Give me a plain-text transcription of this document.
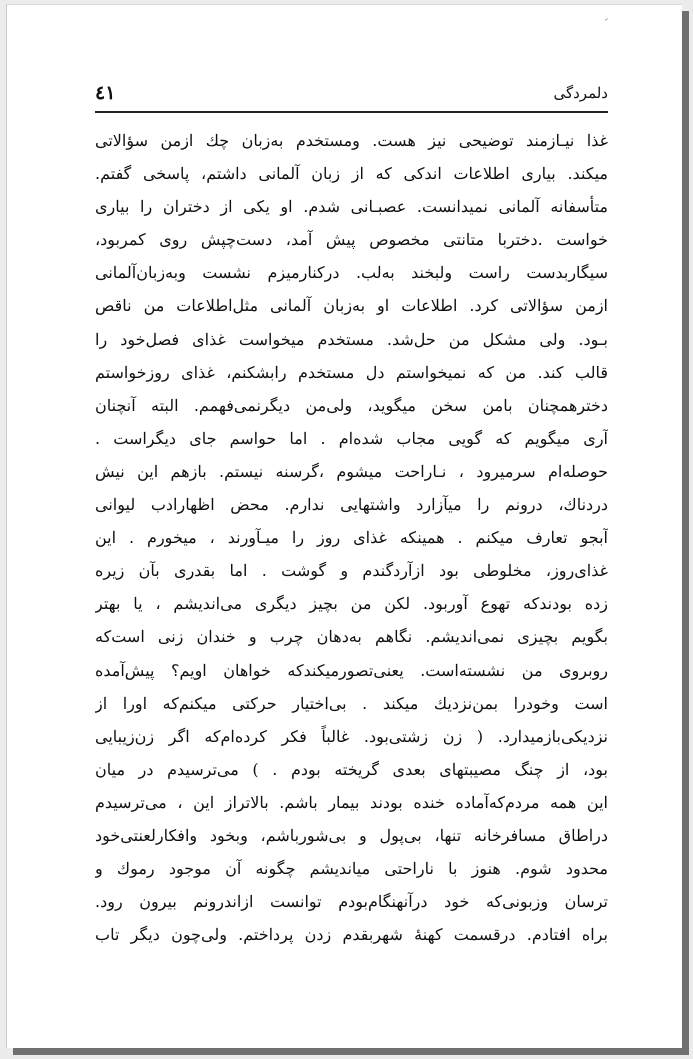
دلمردگی
٤١
غذا نیـازمند توضیحی نیز هست. ومستخدم به‌زبان چك ازمن سؤالاتی
میکند. بیاری اطلاعات اندکی که از زبان آلمانی داشتم، پاسخی گفتم.
متأسفانه آلمانی نمیدانست. عصبـانی شدم. او یکی از دختران را بیاری
خواست .دختربا متانتی مخصوص پیش آمد، دست‌چپش روی کمربود،
سیگاربدست راست ولبخند به‌لب. درکنارمیزم نشست وبه‌زبان‌آلمانی
ازمن سؤالاتی کرد. اطلاعات او به‌زبان آلمانی مثل‌اطلاعات من ناقص
بـود. ولی مشکل من حل‌شد. مستخدم میخواست غذای فصل‌خود را
قالب کند. من که نمیخواستم دل مستخدم رابشکنم، غذای روزخواستم
دخترهمچنان بامن سخن میگوید، ولی‌من دیگرنمی‌فهمم. البته آنچنان
آری میگویم که گویی مجاب شده‌ام . اما حواسم جای دیگراست .
حوصله‌ام سرمیرود ، نـاراحت میشوم ،گرسنه نیستم. بازهم این نیش
دردناك، درونم را میآزارد واشتهایی ندارم. محض اظهارادب لیوانی
آبجو تعارف میکنم . همینکه غذای روز را میـآورند ، میخورم . این
غذای‌روز، مخلوطی بود ازآردگندم و گوشت . اما بقدری بآن زیره
زده بودندکه تهوع آوربود. لکن من بچیز دیگری می‌اندیشم ، یا بهتر
بگویم بچیزی نمی‌اندیشم. نگاهم به‌دهان چرب و خندان زنی است‌که
روبروی من نشسته‌است. یعنی‌تصورمیکندکه خواهان اویم؟ پیش‌آمده
است وخودرا بمن‌نزدیك میکند . بی‌اختیار حرکتی میکنم‌که اورا از
نزدیکی‌بازمیدارد. ( زن زشتی‌بود. غالباً فکر کرده‌ام‌که اگر زن‌زیبایی
بود، از چنگ مصیبتهای بعدی گریخته بودم . ) می‌ترسیدم در میان
این همه مردم‌که‌آماده خنده بودند بیمار باشم. بالاتراز این ، می‌ترسیدم
دراطاق مسافرخانه تنها، بی‌پول و بی‌شورباشم، وبخود وافکارلعنتی‌خود
محدود شوم. هنوز با ناراحتی میاندیشم چگونه آن موجود رموك و
ترسان وزبونی‌که خود درآنهنگام‌بودم توانست ازاندرونم بیرون رود.
براه افتادم. درقسمت کهنهٔ شهربقدم زدن پرداختم. ولی‌چون دیگر تاب
